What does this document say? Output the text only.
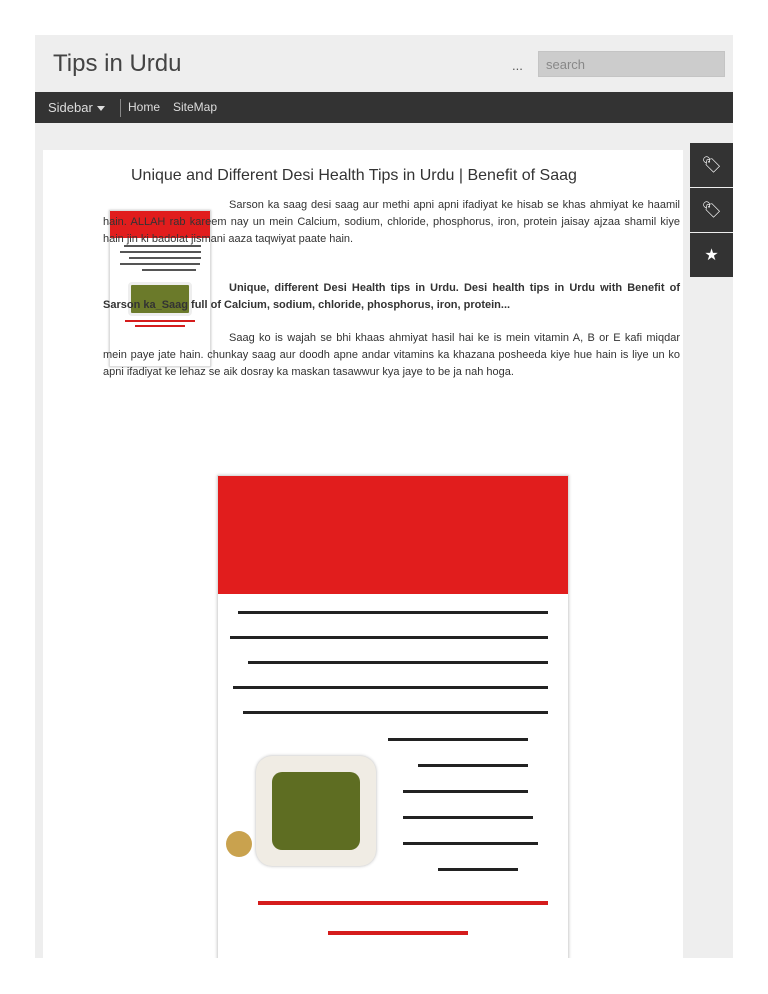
Tips in Urdu	...
search
Sidebar	Home SiteMap
Unique and Different Desi Health Tips in Urdu | Benefit of Saag

Sarson ka saag desi saag aur methi apni apni ifadiyat ke hisab se khas ahmiyat ke haamil hain. ALLAH rab kareem nay un mein Calcium, sodium, chloride, phosphorus, iron, protein jaisay ajzaa shamil kiye hain jin ki badolat jismani aaza taqwiyat paate hain.

Unique, different Desi Health tips in Urdu. Desi health tips in Urdu with Benefit of Sarson ka_Saag full of Calcium, sodium, chloride, phosphorus, iron, protein...

Saag ko is wajah se bhi khaas ahmiyat hasil hai ke is mein vitamin A, B or E kafi miqdar mein paye jate hain. chunkay saag aur doodh apne andar vitamins ka khazana posheeda kiye hue hain is liye un ko apni ifadiyat ke lehaz se aik dosray ka maskan tasawwur kya jaye to be ja nah hoga.

🏷
🏷
★
